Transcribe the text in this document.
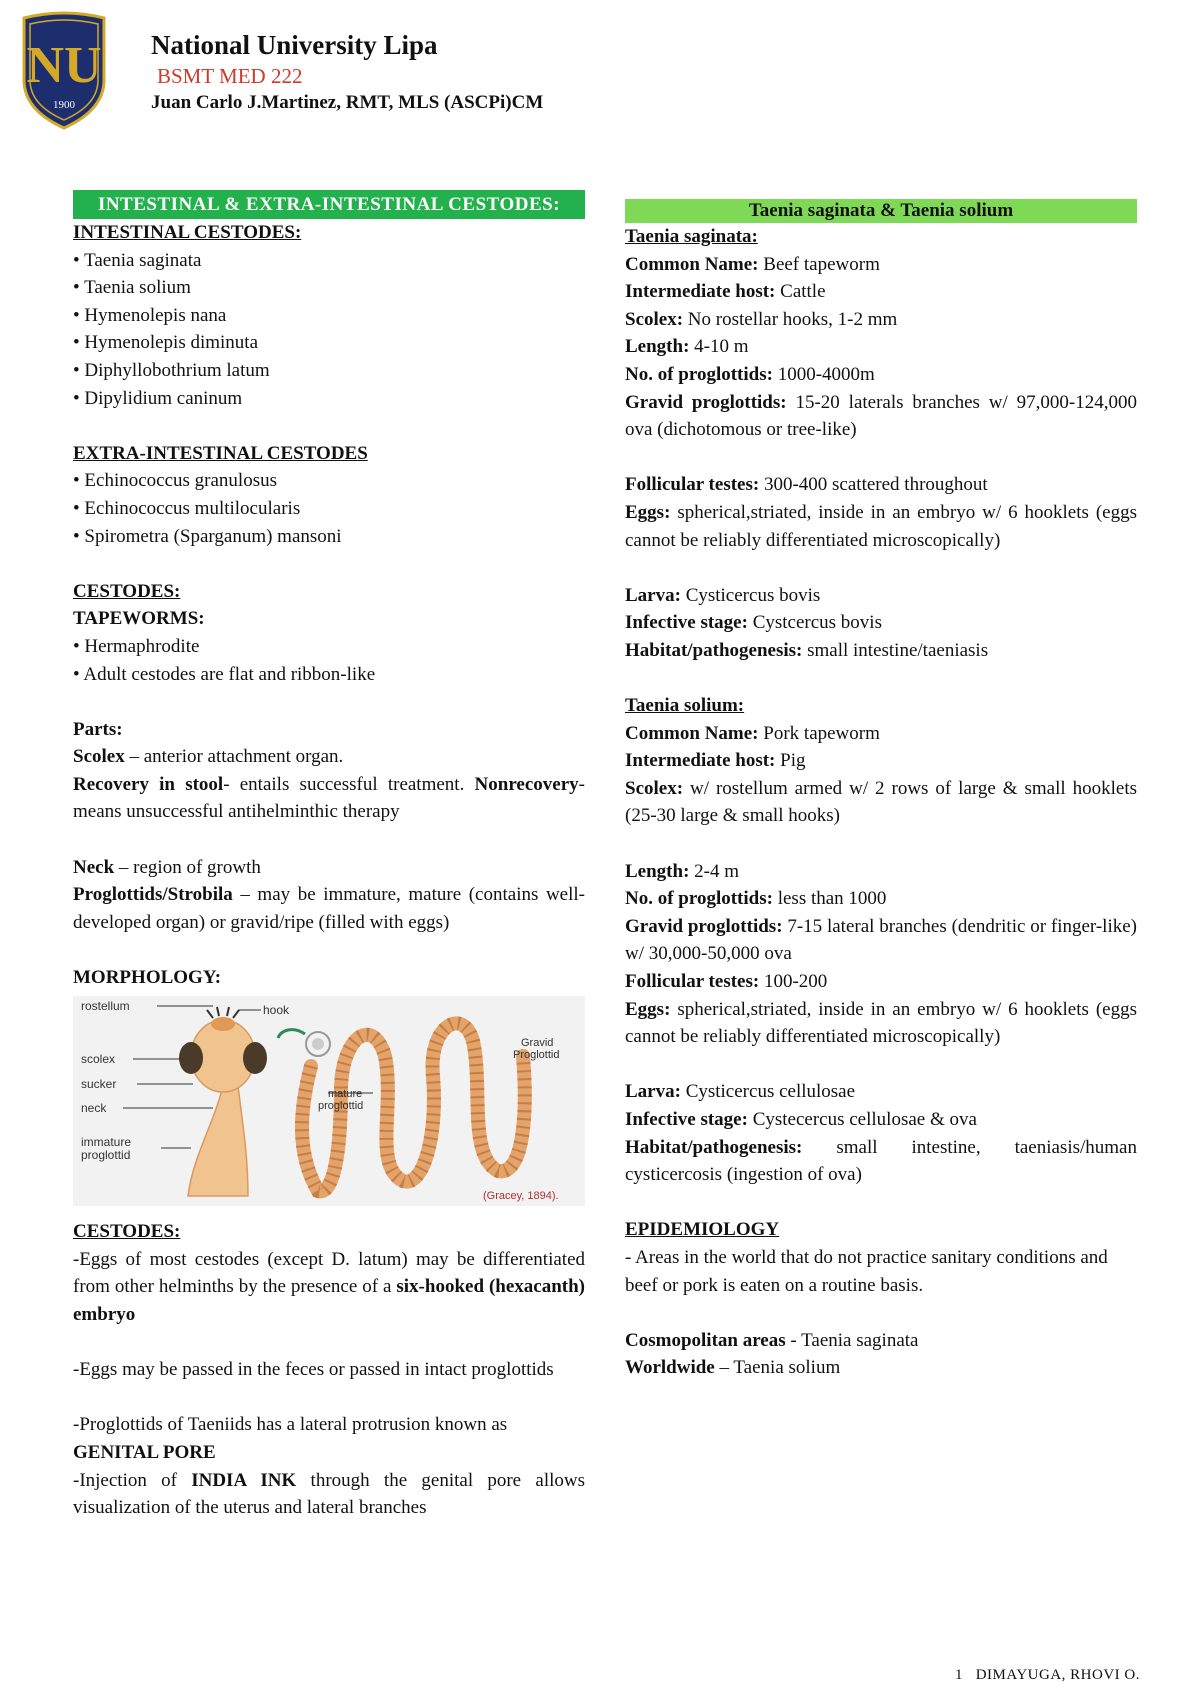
NU
1900
National University Lipa
BSMT MED 222
Juan Carlo J.Martinez, RMT, MLS (ASCPi)CM
INTESTINAL & EXTRA-INTESTINAL CESTODES:
INTESTINAL CESTODES:
• Taenia saginata
• Taenia solium
• Hymenolepis nana
• Hymenolepis diminuta
• Diphyllobothrium latum
• Dipylidium caninum
EXTRA-INTESTINAL CESTODES
• Echinococcus granulosus
• Echinococcus multilocularis
• Spirometra (Sparganum) mansoni
CESTODES:
TAPEWORMS:
• Hermaphrodite
• Adult cestodes are flat and ribbon-like
Parts:
Scolex – anterior attachment organ.
Recovery in stool- entails successful treatment. Nonrecovery- means unsuccessful antihelminthic therapy
Neck – region of growth
Proglottids/Strobila – may be immature, mature (contains well-developed organ) or gravid/ripe (filled with eggs)
MORPHOLOGY:
rostellum	hook
scolex
sucker
neck
immature
proglottid
mature
proglottid
Gravid
Proglottid
(Gracey, 1894).
CESTODES:
-Eggs of most cestodes (except D. latum) may be differentiated from other helminths by the presence of a six-hooked (hexacanth) embryo
-Eggs may be passed in the feces or passed in intact proglottids
-Proglottids of Taeniids has a lateral protrusion known as GENITAL PORE
-Injection of INDIA INK through the genital pore allows visualization of the uterus and lateral branches
Taenia saginata & Taenia solium
Taenia saginata:
Common Name: Beef tapeworm
Intermediate host: Cattle
Scolex: No rostellar hooks, 1-2 mm
Length: 4-10 m
No. of proglottids: 1000-4000m
Gravid proglottids: 15-20 laterals branches w/ 97,000-124,000 ova (dichotomous or tree-like)
Follicular testes: 300-400 scattered throughout
Eggs: spherical,striated, inside in an embryo w/ 6 hooklets (eggs cannot be reliably differentiated microscopically)
Larva: Cysticercus bovis
Infective stage: Cystcercus bovis
Habitat/pathogenesis: small intestine/taeniasis
Taenia solium:
Common Name: Pork tapeworm
Intermediate host: Pig
Scolex: w/ rostellum armed w/ 2 rows of large & small hooklets (25-30 large & small hooks)
Length: 2-4 m
No. of proglottids: less than 1000
Gravid proglottids: 7-15 lateral branches (dendritic or finger-like) w/ 30,000-50,000 ova
Follicular testes: 100-200
Eggs: spherical,striated, inside in an embryo w/ 6 hooklets (eggs cannot be reliably differentiated microscopically)
Larva: Cysticercus cellulosae
Infective stage: Cystecercus cellulosae & ova
Habitat/pathogenesis: small intestine, taeniasis/human cysticercosis (ingestion of ova)
EPIDEMIOLOGY
- Areas in the world that do not practice sanitary conditions and beef or pork is eaten on a routine basis.
Cosmopolitan areas - Taenia saginata
Worldwide – Taenia solium
1 DIMAYUGA, RHOVI O.
